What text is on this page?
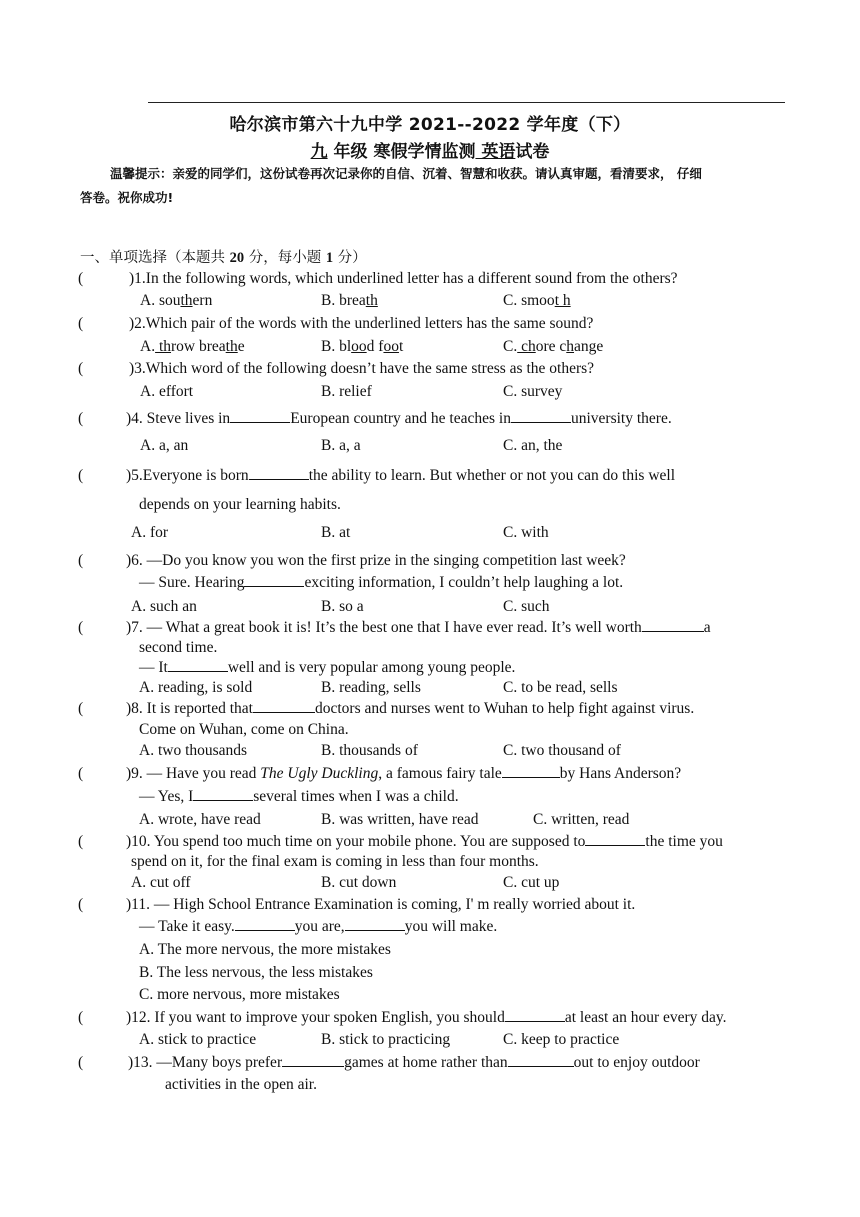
哈尔滨市第六十九中学 2021--2022 学年度（下）
九 年级 寒假学情监测 英语试卷
温馨提示：亲爱的同学们，这份试卷再次记录你的自信、沉着、智慧和收获。请认真审题，看清要求， 仔细
答卷。祝你成功!
一、单项选择（本题共 20 分，每小题 1 分）
(	)1.In the following words, which underlined letter has a different sound from the others?
A. southern	B. breath	C. smoot h
(	)2.Which pair of the words with the underlined letters has the same sound?
A. throw breathe	B. blood foot	C. chore change
(	)3.Which word of the following doesn’t have the same stress as the others?
A. effort	B. relief	C. survey
(	)4. Steve lives in	European country and he teaches in	university there.
A. a, an	B. a, a	C. an, the
(	)5.Everyone is born	the ability to learn. But whether or not you can do this well
depends on your learning habits.
A. for	B. at	C. with
(	)6. —Do you know you won the first prize in the singing competition last week?
— Sure. Hearing	exciting information, I couldn’t help laughing a lot.
A. such an	B. so a	C. such
(	)7. — What a great book it is! It’s the best one that I have ever read. It’s well worth	a
second time.
— It	well and is very popular among young people.
A. reading, is sold	B. reading, sells	C. to be read, sells
(	)8. It is reported that	doctors and nurses went to Wuhan to help fight against virus.
Come on Wuhan, come on China.
A. two thousands	B. thousands of	C. two thousand of
(	)9. — Have you read The Ugly Duckling, a famous fairy tale	by Hans Anderson?
— Yes, I	several times when I was a child.
A. wrote, have read	B. was written, have read	C. written, read
(	)10. You spend too much time on your mobile phone. You are supposed to	the time you
spend on it, for the final exam is coming in less than four months.
A. cut off	B. cut down	C. cut up
(	)11. — High School Entrance Examination is coming, I' m really worried about it.
— Take it easy.	you are,	you will make.
A. The more nervous, the more mistakes
B. The less nervous, the less mistakes
C. more nervous, more mistakes
(	)12. If you want to improve your spoken English, you should	at least an hour every day.
A. stick to practice	B. stick to practicing	C. keep to practice
(	)13. —Many boys prefer	games at home rather than	out to enjoy outdoor
activities in the open air.
